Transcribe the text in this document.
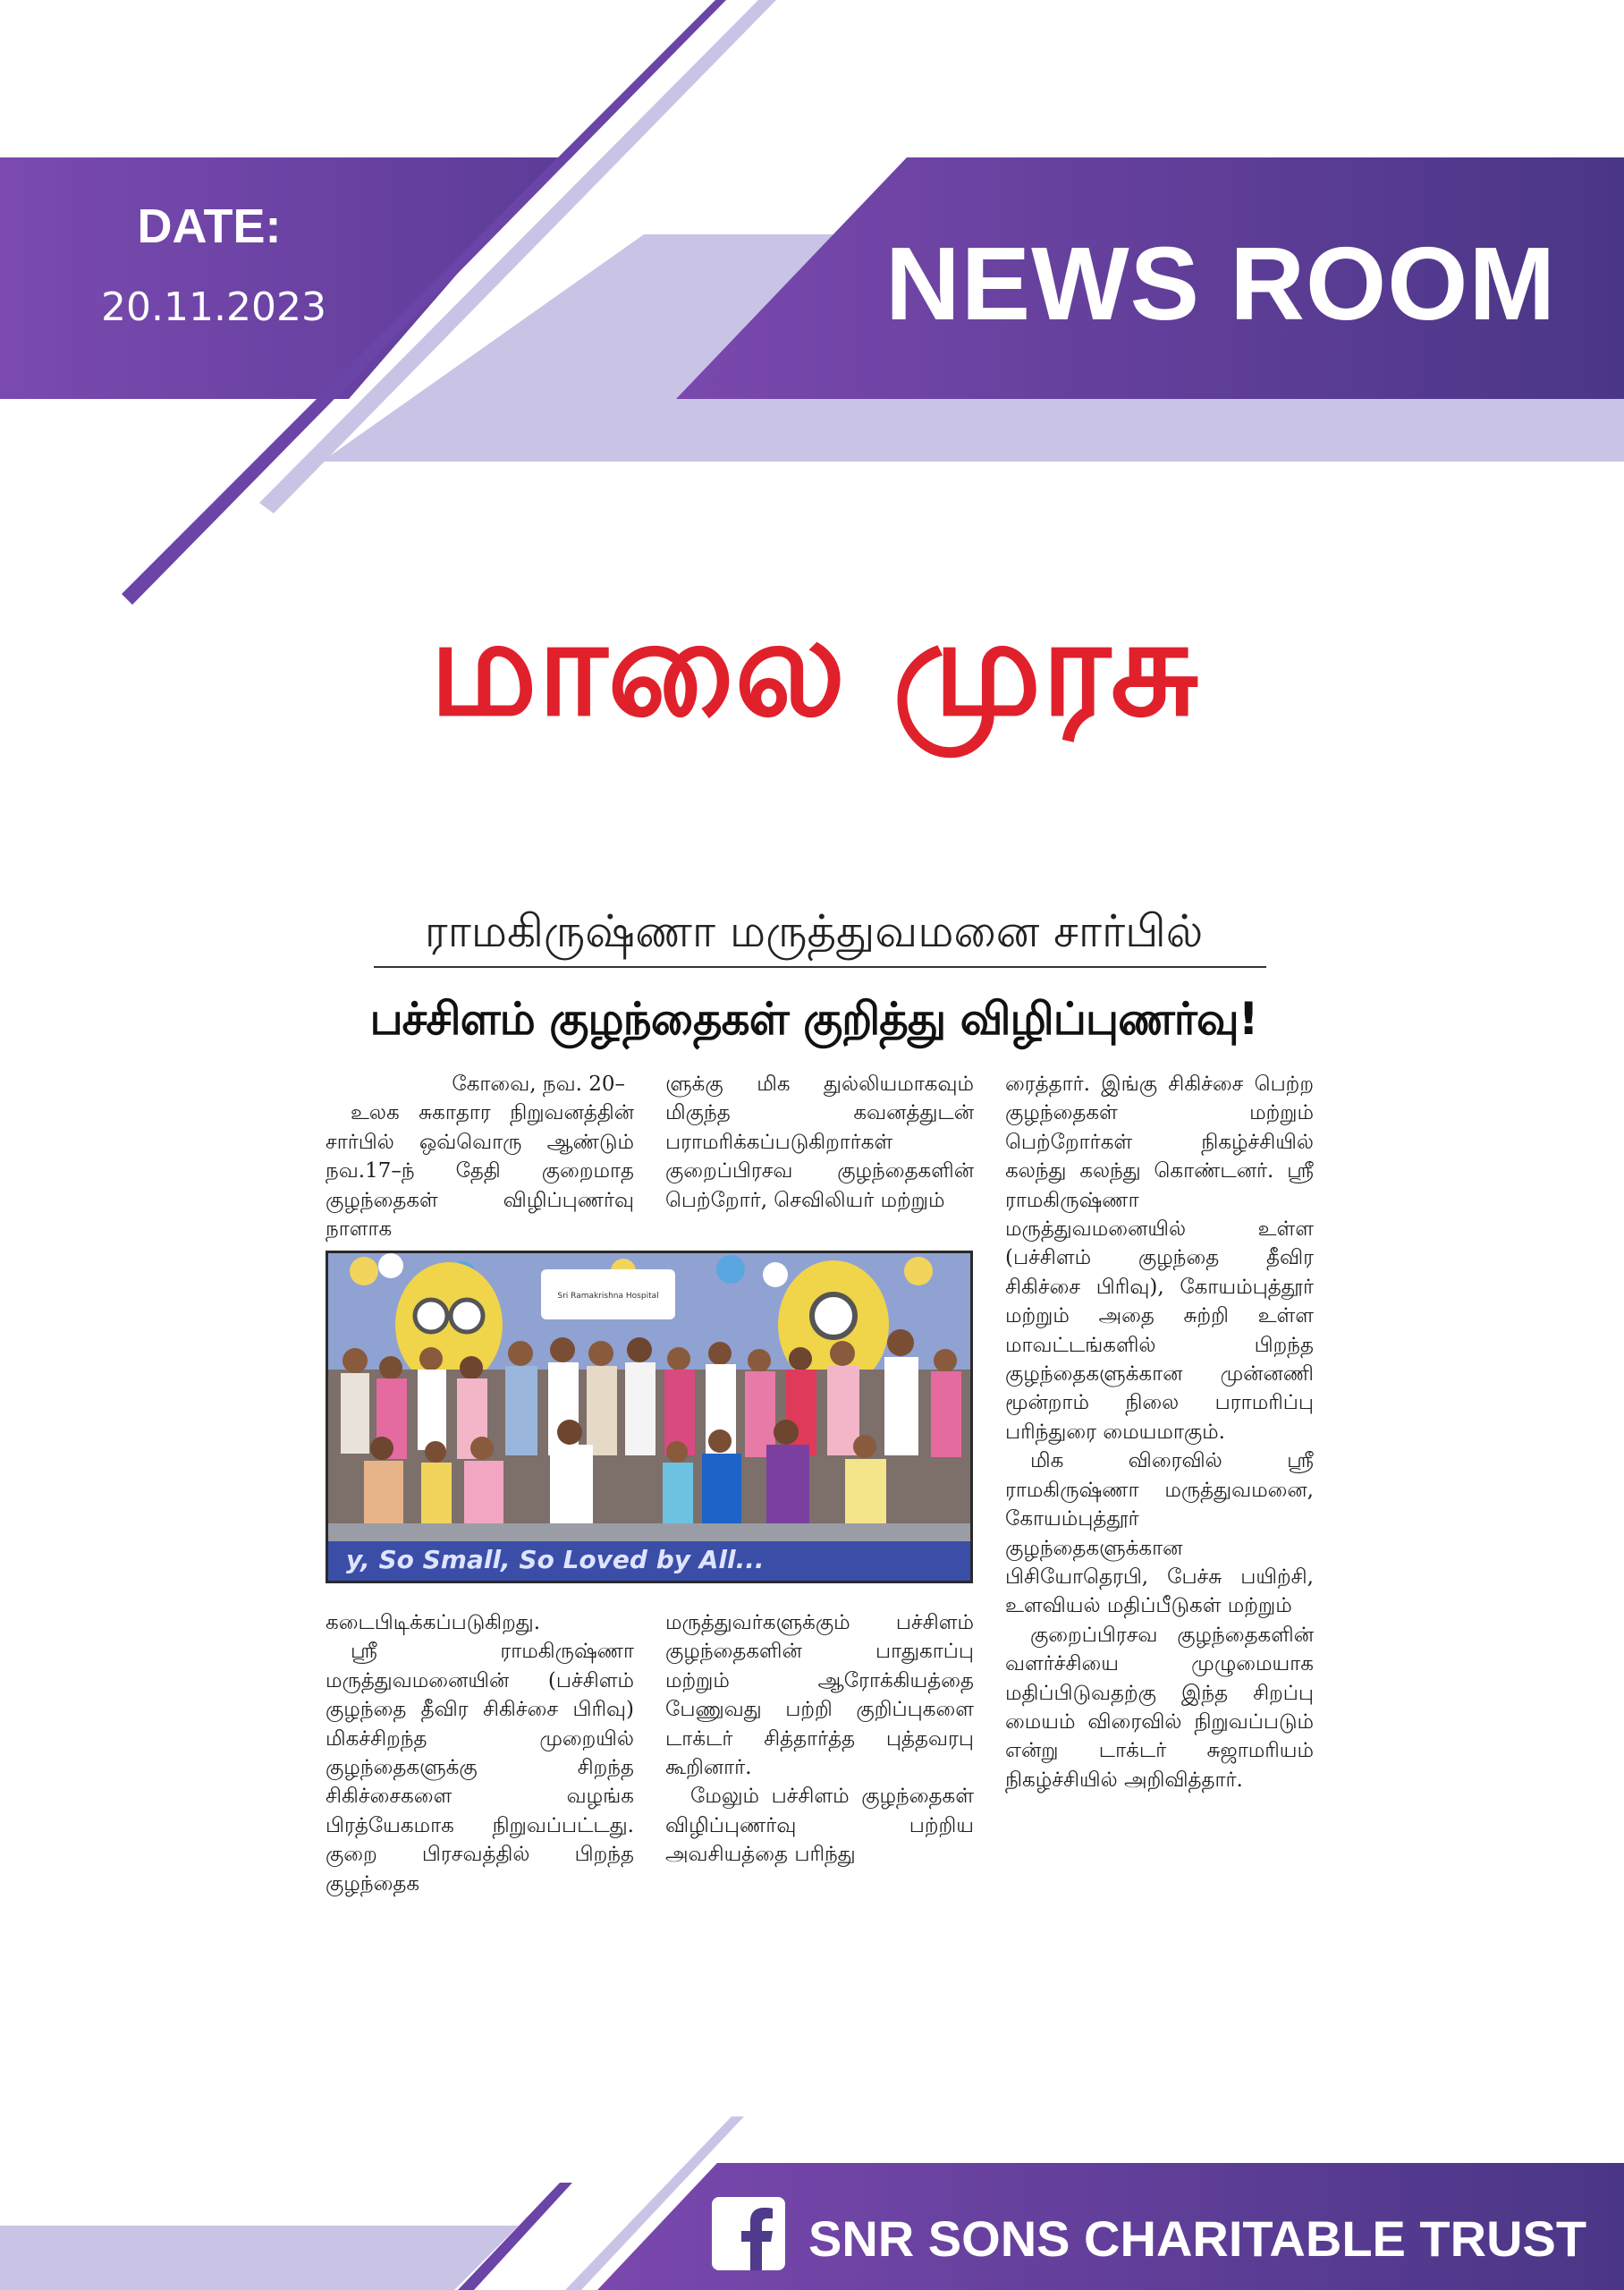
DATE:
20.11.2023	NEWS ROOM
மாலை முரசு
ராமகிருஷ்ணா மருத்துவமனை சார்பில்
பச்சிளம் குழந்தைகள் குறித்து விழிப்புணர்வு!
கோவை, நவ. 20–

உலக சுகாதார நிறுவனத்தின் சார்பில் ஒவ்வொரு ஆண்டும் நவ.17–ந் தேதி குறைமாத குழந்தைகள் விழிப்புணர்வு நாளாக

ளுக்கு மிக துல்லியமாகவும் மிகுந்த கவனத்துடன் பராமரிக்கப்படுகிறார்கள் குறைப்பிரசவ குழந்தைகளின் பெற்றோர், செவிலியர் மற்றும்

ரைத்தார். இங்கு சிகிச்சை பெற்ற குழந்தைகள் மற்றும் பெற்றோர்கள் நிகழ்ச்சியில் கலந்து கலந்து கொண்டனர். ஸ்ரீ ராமகிருஷ்ணா மருத்துவமனையில் உள்ள (பச்சிளம் குழந்தை தீவிர சிகிச்சை பிரிவு), கோயம்புத்தூர் மற்றும் அதை சுற்றி உள்ள மாவட்டங்களில் பிறந்த குழந்தைகளுக்கான முன்னணி மூன்றாம் நிலை பராமரிப்பு பரிந்துரை மையமாகும்.

மிக விரைவில் ஸ்ரீ ராமகிருஷ்ணா மருத்துவமனை, கோயம்புத்தூர் குழந்தைகளுக்கான பிசியோதெரபி, பேச்சு பயிற்சி, உளவியல் மதிப்பீடுகள் மற்றும்

குறைப்பிரசவ குழந்தைகளின் வளர்ச்சியை முழுமையாக மதிப்பிடுவதற்கு இந்த சிறப்பு மையம் விரைவில் நிறுவப்படும் என்று டாக்டர் சுஜாமரியம் நிகழ்ச்சியில் அறிவித்தார்.

கடைபிடிக்கப்படுகிறது.

ஸ்ரீ ராமகிருஷ்ணா மருத்துவமனையின் (பச்சிளம் குழந்தை தீவிர சிகிச்சை பிரிவு) மிகச்சிறந்த முறையில் குழந்தைகளுக்கு சிறந்த சிகிச்சைகளை வழங்க பிரத்யேகமாக நிறுவப்பட்டது. குறை பிரசவத்தில் பிறந்த குழந்தைக

மருத்துவர்களுக்கும் பச்சிளம் குழந்தைகளின் பாதுகாப்பு மற்றும் ஆரோக்கியத்தை பேணுவது பற்றி குறிப்புகளை டாக்டர் சித்தார்த்த புத்தவரபு கூறினார்.

மேலும் பச்சிளம் குழந்தைகள் விழிப்புணர்வு பற்றிய அவசியத்தை பரிந்து

Sri Ramakrishna Hospital
y, So Small, So Loved by All...
SNR SONS CHARITABLE TRUST
